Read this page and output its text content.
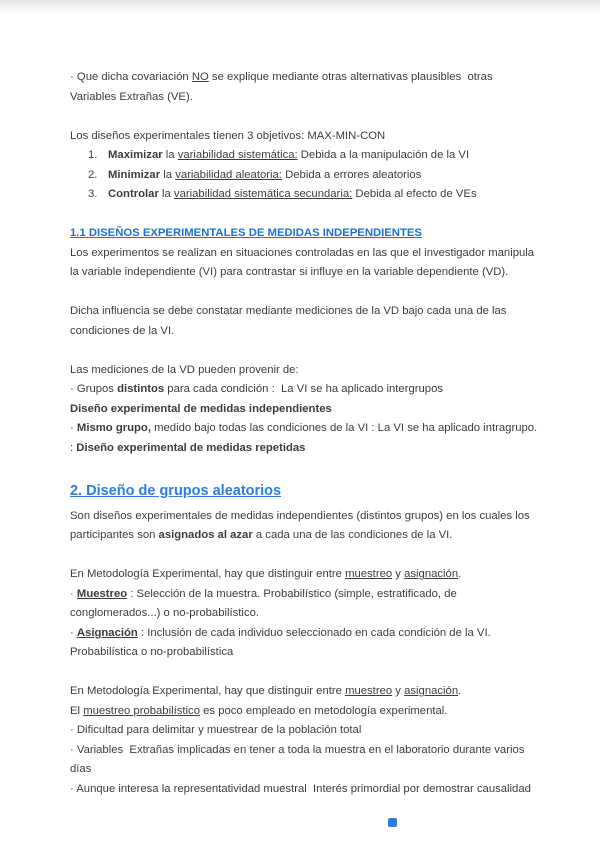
· Que dicha covariación NO se explique mediante otras alternativas plausibles  otras Variables Extrañas (VE).

Los diseños experimentales tienen 3 objetivos: MAX-MIN-CON

1. Maximizar la variabilidad sistemática: Debida a la manipulación de la VI

2. Minimizar la variabilidad aleatoria: Debida a errores aleatorios

3. Controlar la variabilidad sistemática secundaria: Debida al efecto de VEs

1.1 DISEÑOS EXPERIMENTALES DE MEDIDAS INDEPENDIENTES

Los experimentos se realizan en situaciones controladas en las que el investigador manipula la variable independiente (VI) para contrastar si influye en la variable dependiente (VD).

Dicha influencia se debe constatar mediante mediciones de la VD bajo cada una de las condiciones de la VI.

Las mediciones de la VD pueden provenir de:

· Grupos distintos para cada condición :  La VI se ha aplicado intergrupos

Diseño experimental de medidas independientes

· Mismo grupo, medido bajo todas las condiciones de la VI : La VI se ha aplicado intragrupo. : Diseño experimental de medidas repetidas

2. Diseño de grupos aleatorios

Son diseños experimentales de medidas independientes (distintos grupos) en los cuales los participantes son asignados al azar a cada una de las condiciones de la VI.

En Metodología Experimental, hay que distinguir entre muestreo y asignación.

· Muestreo : Selección de la muestra. Probabilístico (simple, estratificado, de conglomerados...) o no-probabilístico.

· Asignación : Inclusión de cada individuo seleccionado en cada condición de la VI.  Probabilística o no-probabilística

En Metodología Experimental, hay que distinguir entre muestreo y asignación.

El muestreo probabilístico es poco empleado en metodología experimental.

· Dificultad para delimitar y muestrear de la población total

· Variables  Extrañas implicadas en tener a toda la muestra en el laboratorio durante varios días

· Aunque interesa la representatividad muestral  Interés primordial por demostrar causalidad
